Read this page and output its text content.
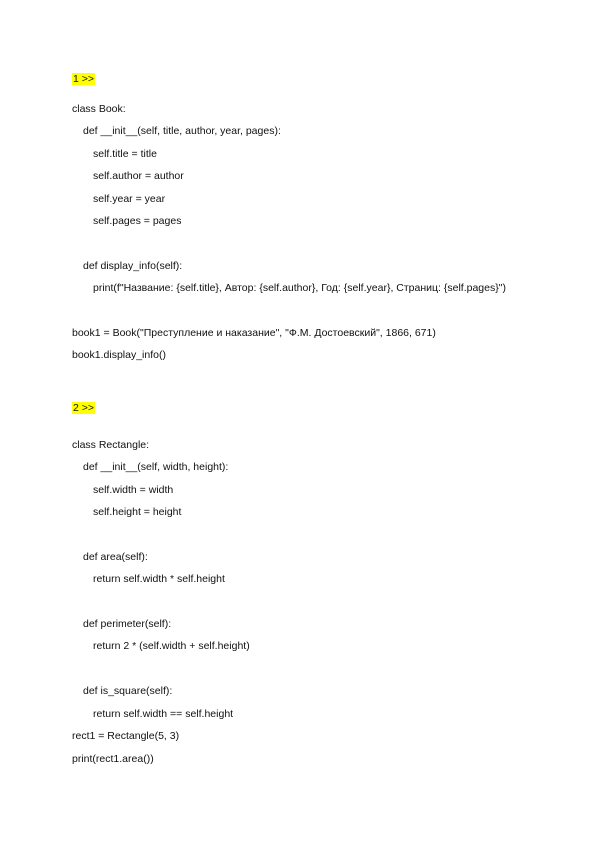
1 >>
class Book:
def __init__(self, title, author, year, pages):
self.title = title
self.author = author
self.year = year
self.pages = pages
def display_info(self):
print(f"Название: {self.title}, Автор: {self.author}, Год: {self.year}, Страниц: {self.pages}")
book1 = Book("Преступление и наказание", "Ф.М. Достоевский", 1866, 671)
book1.display_info()
2 >>
class Rectangle:
def __init__(self, width, height):
self.width = width
self.height = height
def area(self):
return self.width * self.height
def perimeter(self):
return 2 * (self.width + self.height)
def is_square(self):
return self.width == self.height
rect1 = Rectangle(5, 3)
print(rect1.area())
